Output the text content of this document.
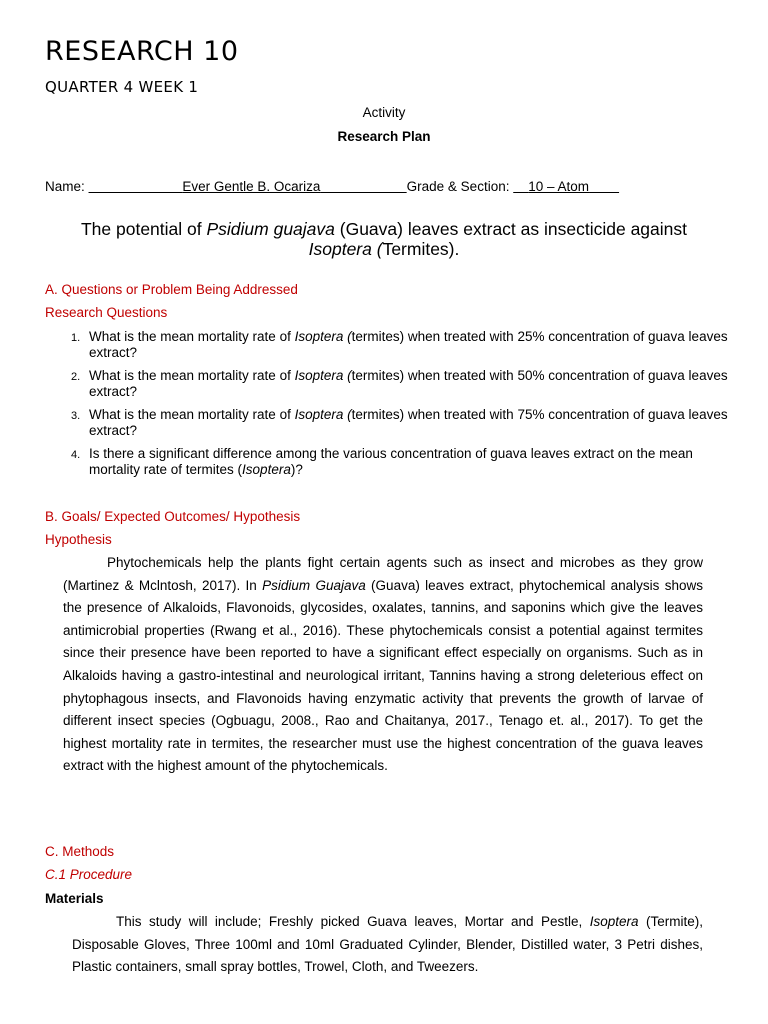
RESEARCH 10
QUARTER 4 WEEK 1
Activity
Research Plan
Name:	Ever Gentle B. Ocariza	Grade & Section: 10 – Atom
The potential of Psidium guajava (Guava) leaves extract as insecticide against Isoptera (Termites).
A. Questions or Problem Being Addressed
Research Questions
1. What is the mean mortality rate of Isoptera (termites) when treated with 25% concentration of guava leaves extract?
2. What is the mean mortality rate of Isoptera (termites) when treated with 50% concentration of guava leaves extract?
3. What is the mean mortality rate of Isoptera (termites) when treated with 75% concentration of guava leaves extract?
4. Is there a significant difference among the various concentration of guava leaves extract on the mean mortality rate of termites (Isoptera)?
B. Goals/ Expected Outcomes/ Hypothesis
Hypothesis
Phytochemicals help the plants fight certain agents such as insect and microbes as they grow (Martinez & Mclntosh, 2017). In Psidium Guajava (Guava) leaves extract, phytochemical analysis shows the presence of Alkaloids, Flavonoids, glycosides, oxalates, tannins, and saponins which give the leaves antimicrobial properties (Rwang et al., 2016). These phytochemicals consist a potential against termites since their presence have been reported to have a significant effect especially on organisms. Such as in Alkaloids having a gastro-intestinal and neurological irritant, Tannins having a strong deleterious effect on phytophagous insects, and Flavonoids having enzymatic activity that prevents the growth of larvae of different insect species (Ogbuagu, 2008., Rao and Chaitanya, 2017., Tenago et. al., 2017). To get the highest mortality rate in termites, the researcher must use the highest concentration of the guava leaves extract with the highest amount of the phytochemicals.
C. Methods
C.1 Procedure
Materials
This study will include; Freshly picked Guava leaves, Mortar and Pestle, Isoptera (Termite), Disposable Gloves, Three 100ml and 10ml Graduated Cylinder, Blender, Distilled water, 3 Petri dishes, Plastic containers, small spray bottles, Trowel, Cloth, and Tweezers.
